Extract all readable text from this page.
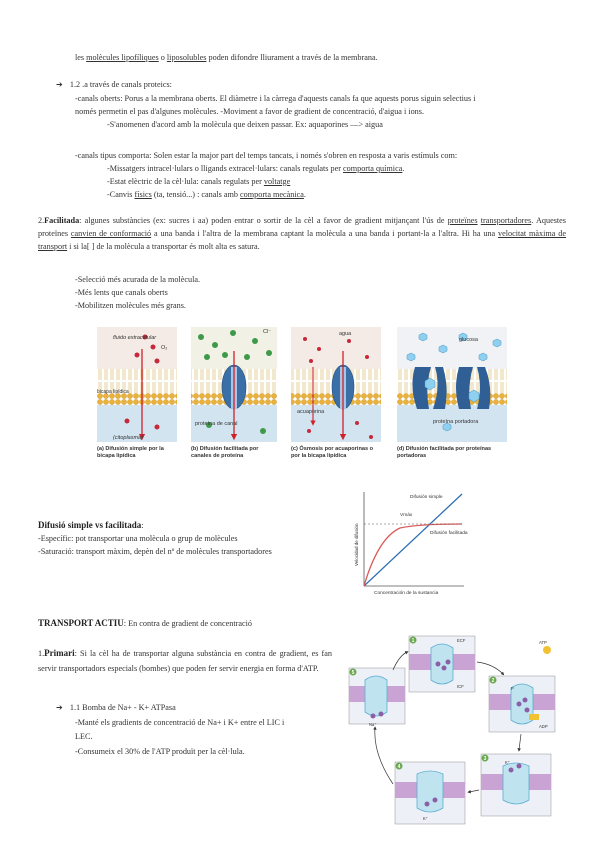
les molècules lipofíliques o liposolubles poden difondre lliurament a través de la membrana.
➔ 1.2 .a través de canals proteics:
-canals oberts: Porus a la membrana oberts. El diàmetre i la càrrega d'aquests canals fa que aquests porus siguin selectius i
només permetin el pas d'algunes molècules. -Moviment a favor de gradient de concentració, d'aigua i ions.
-S'anomenen d'acord amb la molècula que deixen passar. Ex: aquaporines —> aigua
-canals tipus comporta: Solen estar la major part del temps tancats, i només s'obren en resposta a varis estímuls com:
-Missatgers intracel·lulars o lligands extracel·lulars: canals regulats per comporta química.
-Estat elèctric de la cèl·lula: canals regulats per voltatge
-Canvis físics (ta, tensió...) : canals amb comporta mecànica.
2.Facilitada: algunes substàncies (ex: sucres i aa) poden entrar o sortir de la cèl a favor de gradient mitjançant l'ús de proteïnes transportadores. Aquestes proteïnes canvien de conformació a una banda i l'altra de la membrana captant la molècula a una banda i portant-la a l'altra. Hi ha una velocitat màxima de transport i si la[ ] de la molècula a transportar és molt alta es satura.
-Selecció més acurada de la molècula.
-Més lents que canals oberts
-Mobilitzen molècules més grans.
fluido extracelular
O₂
Cl⁻	agua
glucosa
bicapa lipídica
(citoplasma)
proteína de canal
acuaporina
proteína portadora
(a) Difusión simple por la bicapa lipídica
(b) Difusión facilitada por canales de proteína
(c) Ósmosis por acuaporinas o por la bicapa lipídica
(d) Difusión facilitada por proteínas portadoras
Difusió simple vs facilitada:
-Específic: pot transportar una molècula o grup de molècules
-Saturació: transport màxim, depèn del nº de molècules transportadores
Difusión simple
Vmáx
Difusión facilitada
Velocidad de difusión
Concentración de la sustancia
TRANSPORT ACTIU: En contra de gradient de concentració
1.Primari: Si la cèl ha de transportar alguna substància en contra de gradient, es fan servir transportadors especials (bombes) que poden fer servir energia en forma d'ATP.
➔ 1.1 Bomba de Na+ - K+ ATPasa
-Manté els gradients de concentració de Na+ i K+ entre el LIC i
LEC.
-Consumeix el 30% de l'ATP produït per la cèl·lula.
1
2
3
4
5
ECF
ICF
ATP
ADP
P
K⁺
K⁺
Na⁺
